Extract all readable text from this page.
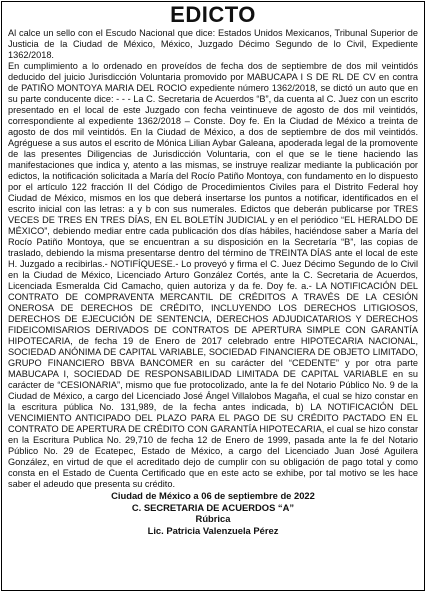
EDICTO

Al calce un sello con el Escudo Nacional que dice: Estados Unidos Mexicanos, Tribunal Superior de Justicia de la Ciudad de México, México, Juzgado Décimo Segundo de lo Civil, Expediente 1362/2018.

En cumplimiento a lo ordenado en proveídos de fecha dos de septiembre de dos mil veintidós deducido del juicio Jurisdicción Voluntaria promovido por MABUCAPA I S DE RL DE CV en contra de PATIÑO MONTOYA MARIA DEL ROCIO expediente número 1362/2018, se dictó un auto que en su parte conducente dice: - - - La C. Secretaria de Acuerdos “B”, da cuenta al C. Juez con un escrito presentado en el local de este Juzgado con fecha veintinueve de agosto de dos mil veintidós, correspondiente al expediente 1362/2018 – Conste. Doy fe. En la Ciudad de México a treinta de agosto de dos mil veintidós. En la Ciudad de México, a dos de septiembre de dos mil veintidós. Agréguese a sus autos el escrito de Mónica Lilian Aybar Galeana, apoderada legal de la promovente de las presentes Diligencias de Jurisdicción Voluntaria, con el que se le tiene haciendo las manifestaciones que indica y, atento a las mismas, se instruye realizar mediante la publicación por edictos, la notificación solicitada a María del Rocío Patiño Montoya, con fundamento en lo dispuesto por el artículo 122 fracción II del Código de Procedimientos Civiles para el Distrito Federal hoy Ciudad de México, mismos en los que deberá insertarse los puntos a notificar, identificados en el escrito inicial con las letras: a y b con sus numerales. Edictos que deberán publicarse por TRES VECES DE TRES EN TRES DÍAS, EN EL BOLETÍN JUDICIAL y en el periódico “EL HERALDO DE MÉXICO”, debiendo mediar entre cada publicación dos días hábiles, haciéndose saber a María del Rocío Patiño Montoya, que se encuentran a su disposición en la Secretaría “B”, las copias de traslado, debiendo la misma presentarse dentro del término de TREINTA DÍAS ante el local de este H. Juzgado a recibirlas.- NOTIFÍQUESE.- Lo proveyó y firma el C. Juez Décimo Segundo de lo Civil en la Ciudad de México, Licenciado Arturo González Cortés, ante la C. Secretaria de Acuerdos, Licenciada Esmeralda Cid Camacho, quien autoriza y da fe. Doy fe. a.- LA NOTIFICACIÓN DEL CONTRATO DE COMPRAVENTA MERCANTIL DE CRÉDITOS A TRAVÉS DE LA CESIÓN ONEROSA DE DERECHOS DE CRÉDITO, INCLUYENDO LOS DERECHOS LITIGIOSOS, DERECHOS DE EJECUCIÓN DE SENTENCIA, DERECHOS ADJUDICATARIOS Y DERECHOS FIDEICOMISARIOS DERIVADOS DE CONTRATOS DE APERTURA SIMPLE CON GARANTÍA HIPOTECARIA, de fecha 19 de Enero de 2017 celebrado entre HIPOTECARIA NACIONAL, SOCIEDAD ANÓNIMA DE CAPITAL VARIABLE, SOCIEDAD FINANCIERA DE OBJETO LIMITADO, GRUPO FINANCIERO BBVA BANCOMER en su carácter del “CEDENTE” y por otra parte MABUCAPA I, SOCIEDAD DE RESPONSABILIDAD LIMITADA DE CAPITAL VARIABLE en su carácter de “CESIONARIA”, mismo que fue protocolizado, ante la fe del Notario Público No. 9 de la Ciudad de México, a cargo del Licenciado José Ángel Villalobos Magaña, el cual se hizo constar en la escritura pública No. 131,989, de la fecha antes indicada, b) LA NOTIFICACIÓN DEL VENCIMIENTO ANTICIPADO DEL PLAZO PARA EL PAGO DE SU CRÉDITO PACTADO EN EL CONTRATO DE APERTURA DE CRÉDITO CON GARANTÍA HIPOTECARIA, el cual se hizo constar en la Escritura Publica No. 29,710 de fecha 12 de Enero de 1999, pasada ante la fe del Notario Público No. 29 de Ecatepec, Estado de México, a cargo del Licenciado Juan José Aguilera González, en virtud de que el acreditado dejo de cumplir con su obligación de pago total y como consta en el Estado de Cuenta Certificado que en este acto se exhibe, por tal motivo se les hace saber el adeudo que presenta su crédito.

Ciudad de México a 06 de septiembre de 2022
C. SECRETARIA DE ACUERDOS “A”
Rúbrica
Lic. Patricia Valenzuela Pérez
